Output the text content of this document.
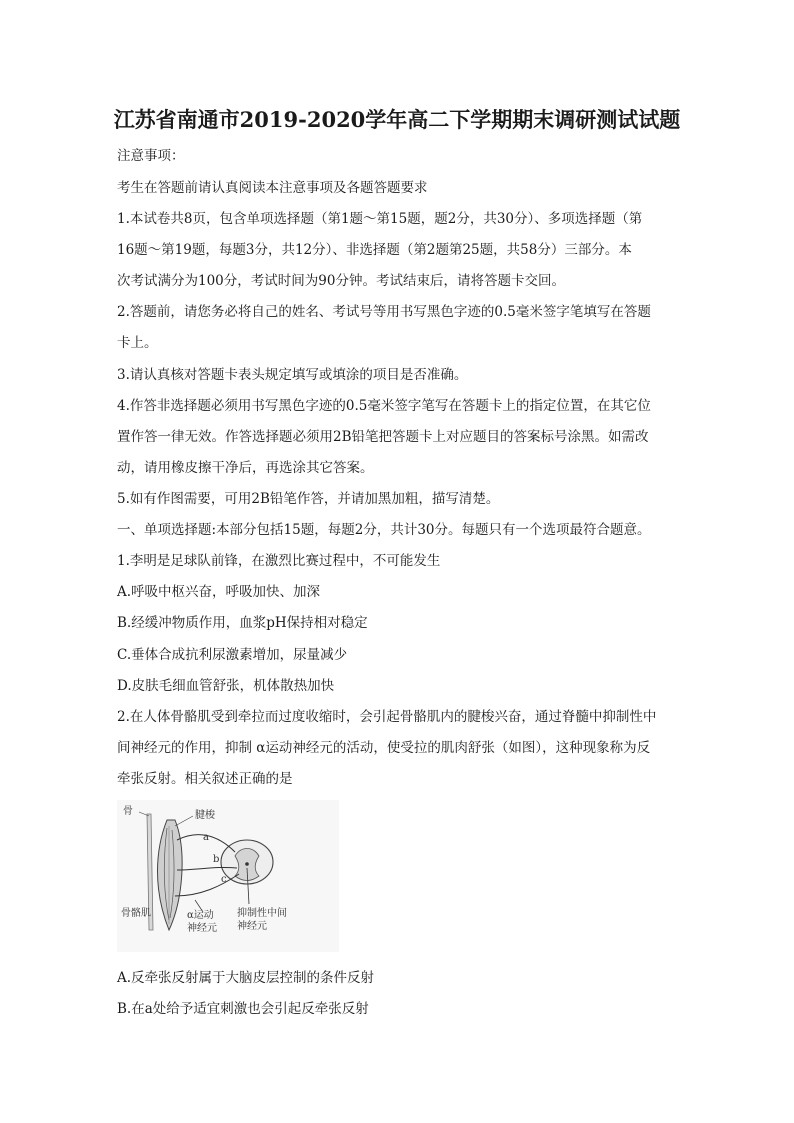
江苏省南通市2019-2020学年高二下学期期末调研测试试题
注意事项：
考生在答题前请认真阅读本注意事项及各题答题要求
1.本试卷共8页，包含单项选择题（第1题～第15题，题2分，共30分）、多项选择题（第
16题～第19题，每题3分，共12分）、非选择题（第2题第25题，共58分）三部分。本
次考试满分为100分，考试时间为90分钟。考试结束后，请将答题卡交回。
2.答题前，请您务必将自己的姓名、考试号等用书写黑色字迹的0.5毫米签字笔填写在答题
卡上。
3.请认真核对答题卡表头规定填写或填涂的项目是否准确。
4.作答非选择题必须用书写黑色字迹的0.5毫米签字笔写在答题卡上的指定位置，在其它位
置作答一律无效。作答选择题必须用2B铅笔把答题卡上对应题目的答案标号涂黑。如需改
动，请用橡皮擦干净后，再选涂其它答案。
5.如有作图需要，可用2B铅笔作答，并请加黑加粗，描写清楚。
一、单项选择题:本部分包括15题，每题2分，共计30分。每题只有一个选项最符合题意。
1.李明是足球队前锋，在激烈比赛过程中，不可能发生
A.呼吸中枢兴奋，呼吸加快、加深
B.经缓冲物质作用，血浆pH保持相对稳定
C.垂体合成抗利尿激素增加，尿量减少
D.皮肤毛细血管舒张，机体散热加快
2.在人体骨骼肌受到牵拉而过度收缩时，会引起骨骼肌内的腱梭兴奋，通过脊髓中抑制性中
间神经元的作用，抑制 α运动神经元的活动，使受拉的肌肉舒张（如图），这种现象称为反
牵张反射。相关叙述正确的是
骨	腱梭
a
b
c
骨骼肌	α运动
神经元
抑制性中间
神经元
A.反牵张反射属于大脑皮层控制的条件反射
B.在a处给予适宜刺激也会引起反牵张反射
